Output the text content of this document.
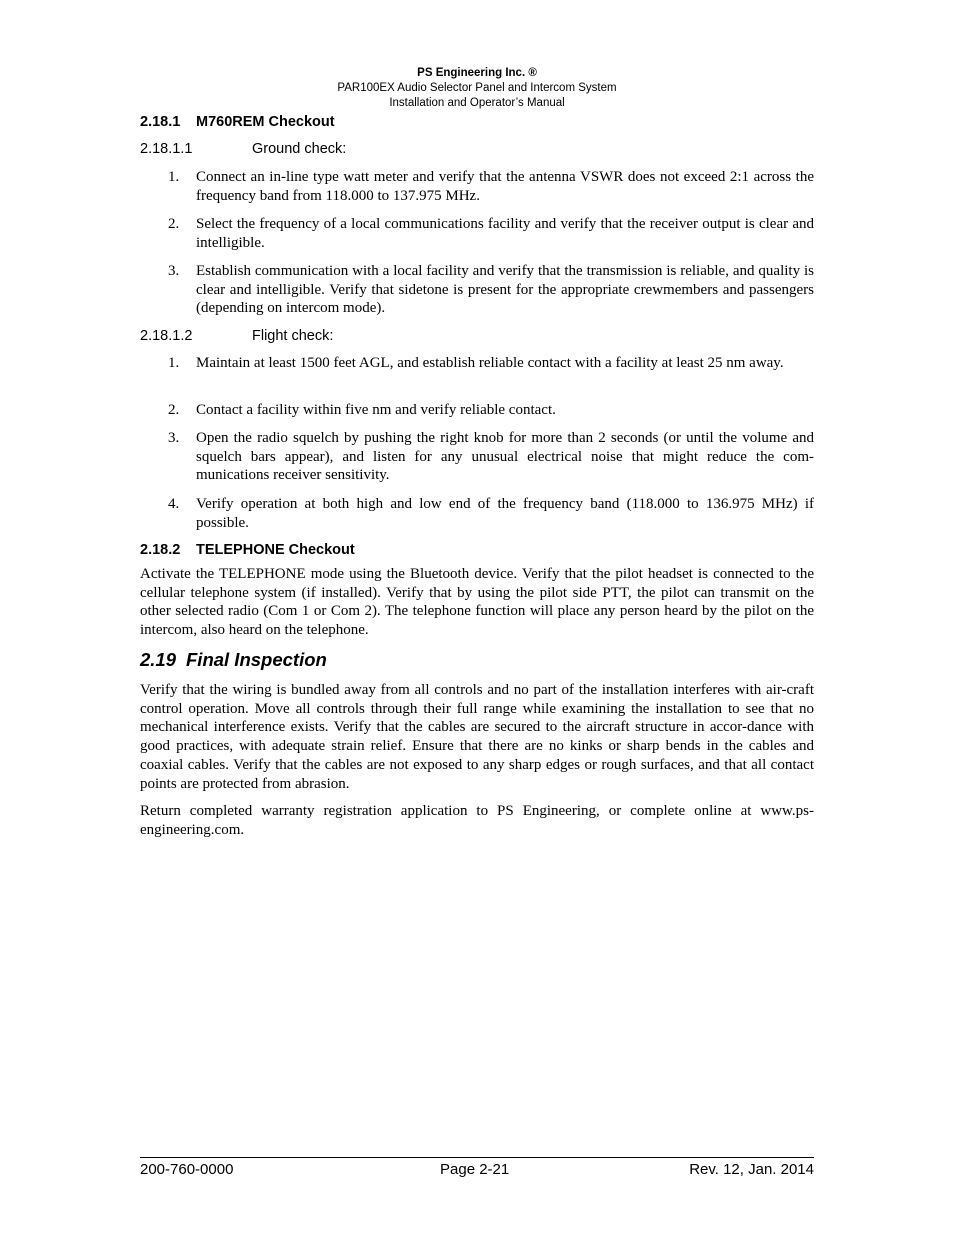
PS Engineering Inc. ®
PAR100EX Audio Selector Panel and Intercom System
Installation and Operator’s Manual
2.18.1 M760REM Checkout
2.18.1.1	Ground check:
1. Connect an in-line type watt meter and verify that the antenna VSWR does not exceed 2:1 across the frequency band from 118.000 to 137.975 MHz.
2. Select the frequency of a local communications facility and verify that the receiver output is clear and intelligible.
3. Establish communication with a local facility and verify that the transmission is reliable, and quality is clear and intelligible. Verify that sidetone is present for the appropriate crewmembers and passengers (depending on intercom mode).
2.18.1.2	Flight check:
1. Maintain at least 1500 feet AGL, and establish reliable contact with a facility at least 25 nm away.
2. Contact a facility within five nm and verify reliable contact.
3. Open the radio squelch by pushing the right knob for more than 2 seconds (or until the volume and squelch bars appear), and listen for any unusual electrical noise that might reduce the com-munications receiver sensitivity.
4. Verify operation at both high and low end of the frequency band (118.000 to 136.975 MHz) if possible.
2.18.2 TELEPHONE Checkout
Activate the TELEPHONE mode using the Bluetooth device. Verify that the pilot headset is connected to the cellular telephone system (if installed). Verify that by using the pilot side PTT, the pilot can transmit on the other selected radio (Com 1 or Com 2). The telephone function will place any person heard by the pilot on the intercom, also heard on the telephone.
2.19 Final Inspection
Verify that the wiring is bundled away from all controls and no part of the installation interferes with air-craft control operation. Move all controls through their full range while examining the installation to see that no mechanical interference exists. Verify that the cables are secured to the aircraft structure in accor-dance with good practices, with adequate strain relief. Ensure that there are no kinks or sharp bends in the cables and coaxial cables. Verify that the cables are not exposed to any sharp edges or rough surfaces, and that all contact points are protected from abrasion.
Return completed warranty registration application to PS Engineering, or complete online at www.ps-engineering.com.
200-760-0000	Page 2-21	Rev. 12, Jan. 2014
